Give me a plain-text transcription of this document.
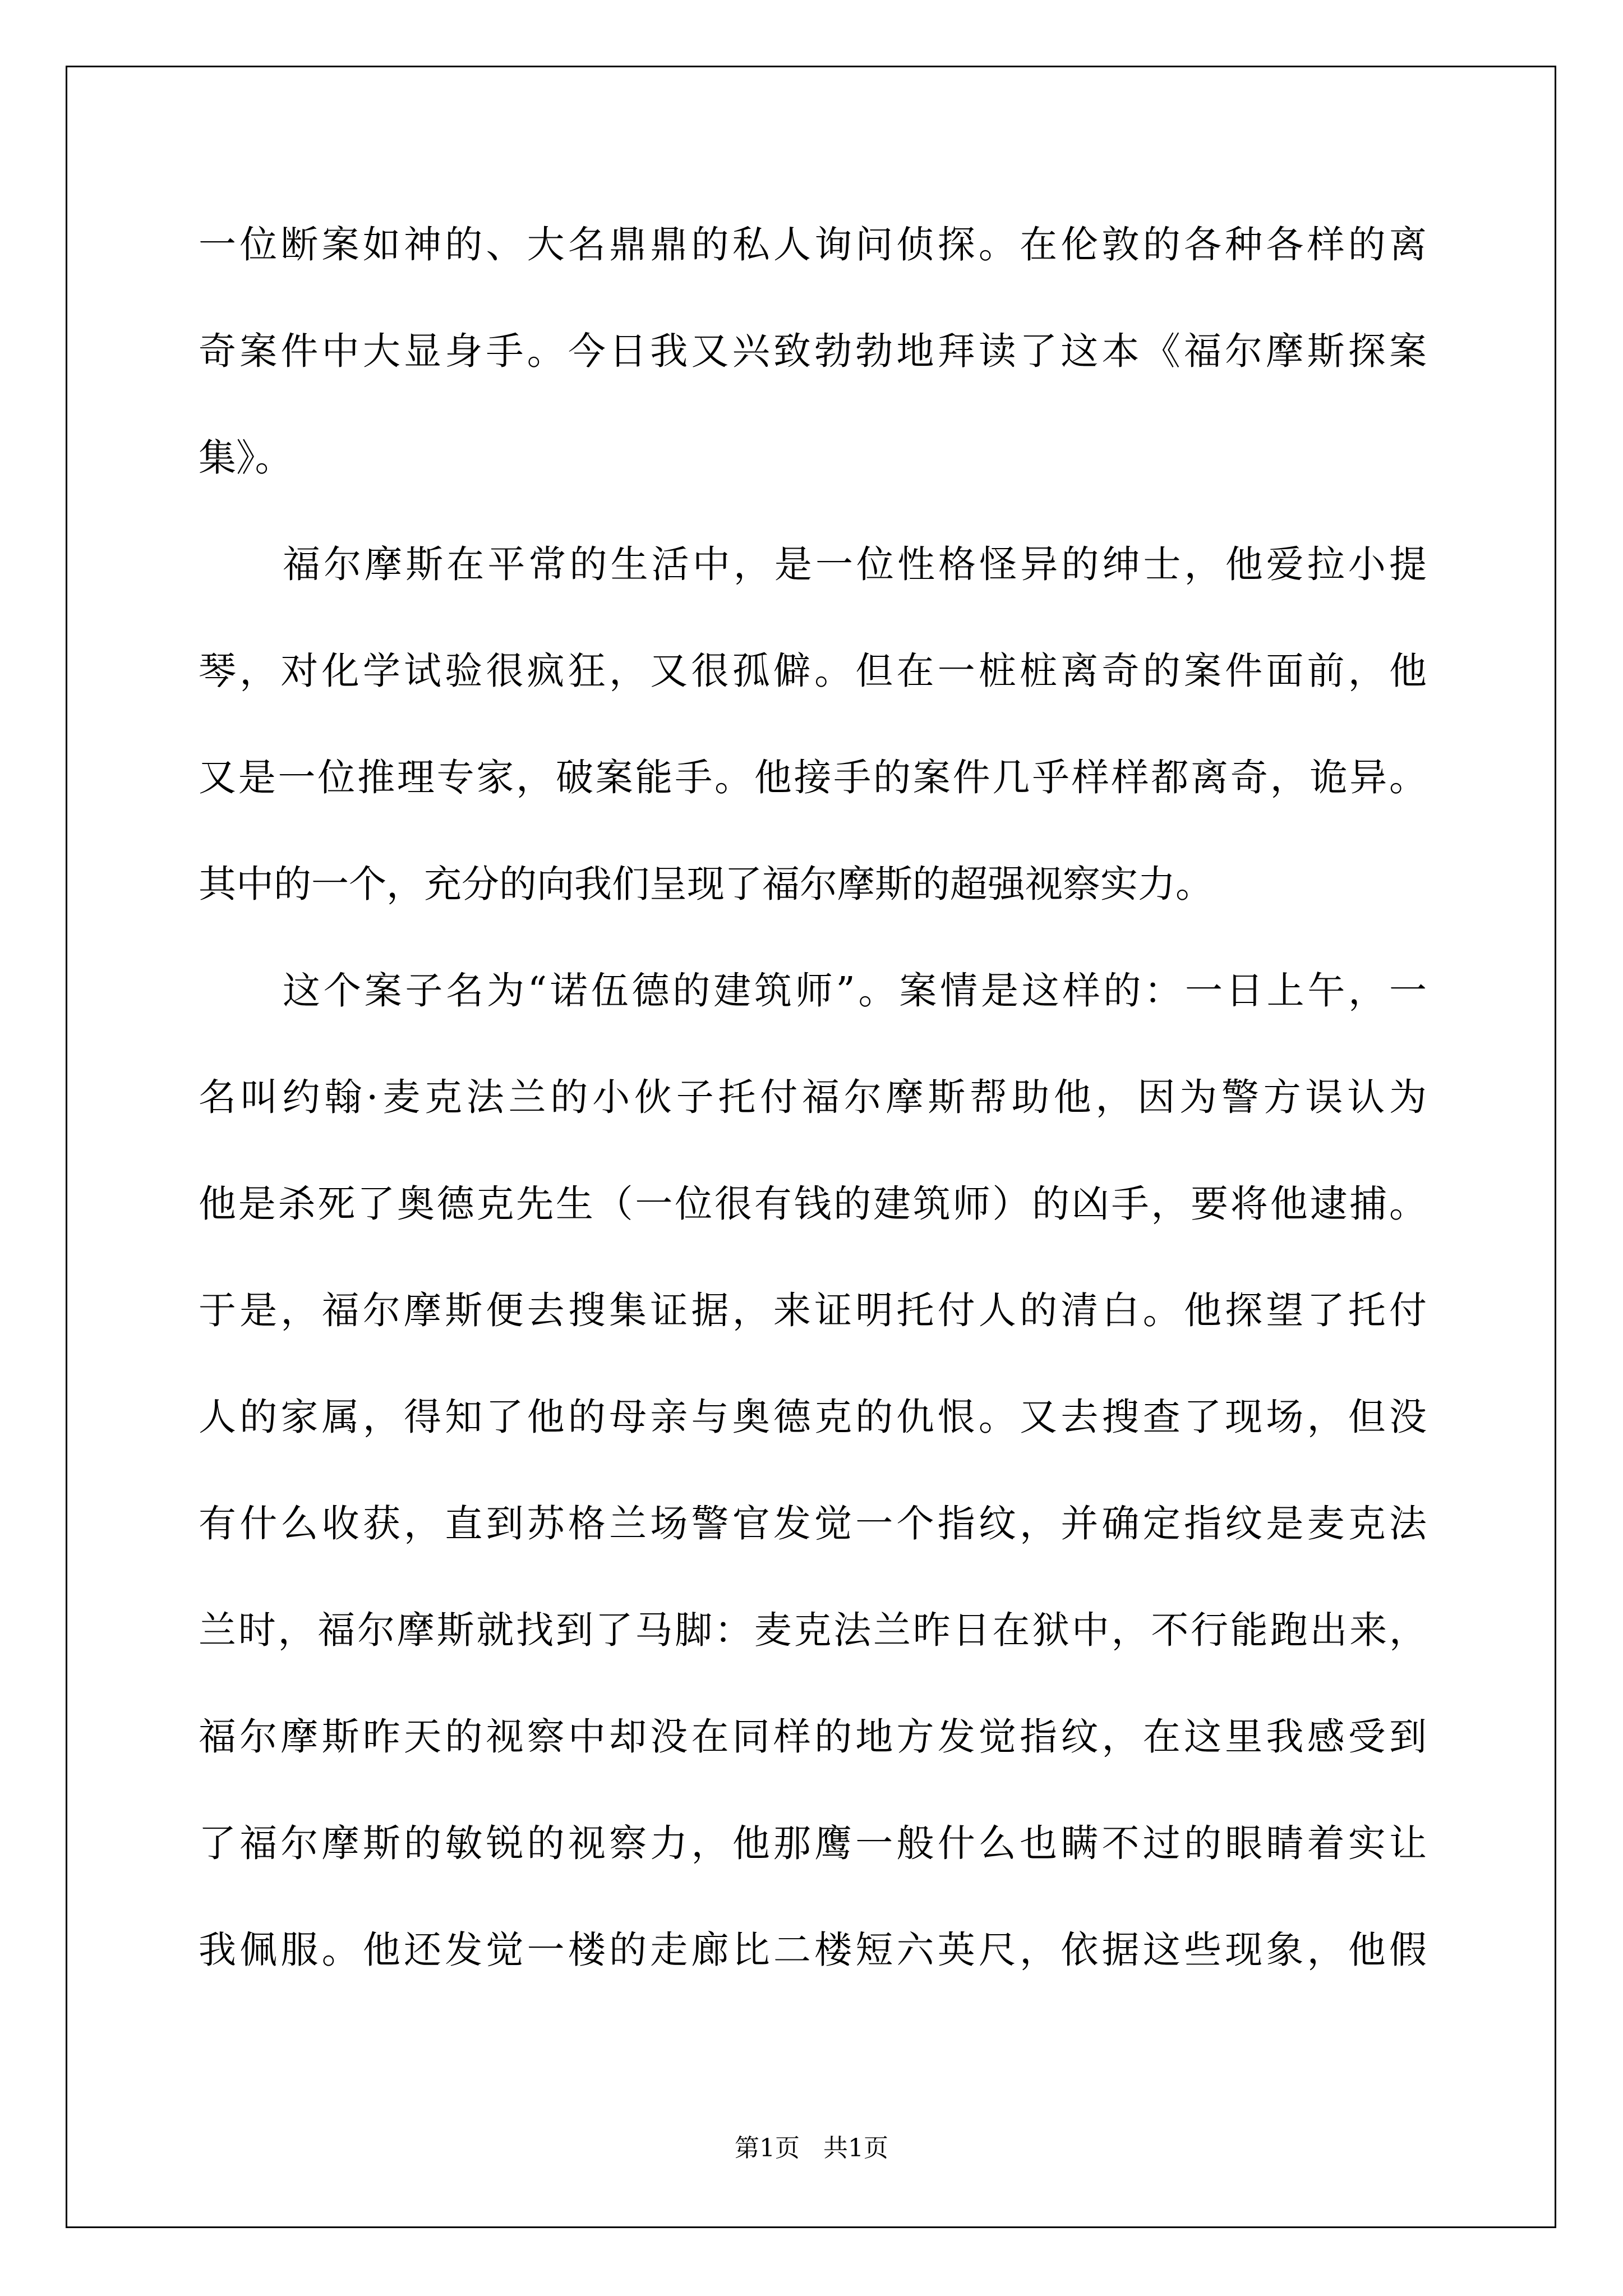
一位断案如神的、大名鼎鼎的私人询问侦探。在伦敦的各种各样的离
奇案件中大显身手。今日我又兴致勃勃地拜读了这本《福尔摩斯探案
集》。
福尔摩斯在平常的生活中，是一位性格怪异的绅士，他爱拉小提
琴，对化学试验很疯狂，又很孤僻。但在一桩桩离奇的案件面前，他
又是一位推理专家，破案能手。他接手的案件几乎样样都离奇，诡异。
其中的一个，充分的向我们呈现了福尔摩斯的超强视察实力。
这个案子名为“诺伍德的建筑师”。案情是这样的：一日上午，一
名叫约翰·麦克法兰的小伙子托付福尔摩斯帮助他，因为警方误认为
他是杀死了奥德克先生（一位很有钱的建筑师）的凶手，要将他逮捕。
于是，福尔摩斯便去搜集证据，来证明托付人的清白。他探望了托付
人的家属，得知了他的母亲与奥德克的仇恨。又去搜查了现场，但没
有什么收获，直到苏格兰场警官发觉一个指纹，并确定指纹是麦克法
兰时，福尔摩斯就找到了马脚：麦克法兰昨日在狱中，不行能跑出来，
福尔摩斯昨天的视察中却没在同样的地方发觉指纹，在这里我感受到
了福尔摩斯的敏锐的视察力，他那鹰一般什么也瞒不过的眼睛着实让
我佩服。他还发觉一楼的走廊比二楼短六英尺，依据这些现象，他假
第1页   共1页
